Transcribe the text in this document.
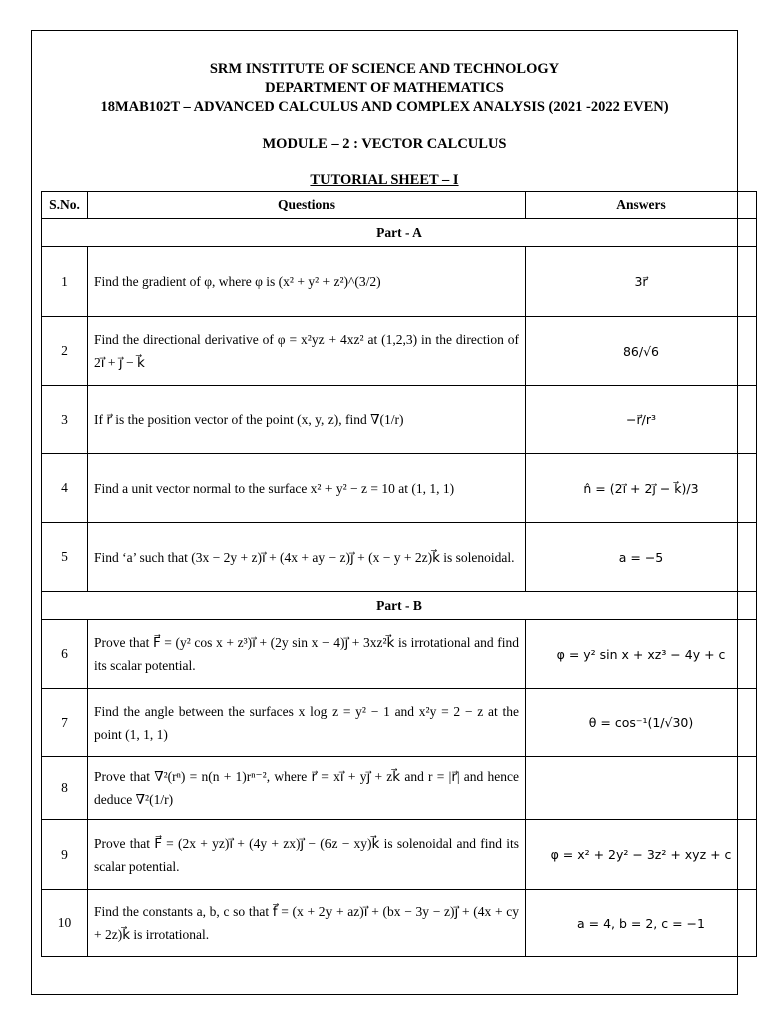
SRM INSTITUTE OF SCIENCE AND TECHNOLOGY
DEPARTMENT OF MATHEMATICS
18MAB102T – ADVANCED CALCULUS AND COMPLEX ANALYSIS (2021 -2022 EVEN)
MODULE – 2 : VECTOR CALCULUS
TUTORIAL SHEET – I
S.No.	Questions	Answers
Part - A		
1	Find the gradient of φ, where φ is (x² + y² + z²)^(3/2)	3r⃗
2	Find the directional derivative of φ = x²yz + 4xz² at (1,2,3) in the direction of 2i⃗ + j⃗ − k⃗	86/√6
3	If r⃗ is the position vector of the point (x, y, z), find ∇(1/r)	−r⃗/r³
4	Find a unit vector normal to the surface x² + y² − z = 10 at (1, 1, 1)	n̂ = (2i⃗ + 2j⃗ − k⃗)/3
5	Find ‘a’ such that (3x − 2y + z)i⃗ + (4x + ay − z)j⃗ + (x − y + 2z)k⃗ is solenoidal.	a = −5
Part - B		
6	Prove that F⃗ = (y² cos x + z³)i⃗ + (2y sin x − 4)j⃗ + 3xz²k⃗ is irrotational and find its scalar potential.	φ = y² sin x + xz³ − 4y + c
7	Find the angle between the surfaces x log z = y² − 1 and x²y = 2 − z at the point (1, 1, 1)	θ = cos⁻¹(1/√30)
8	Prove that ∇²(rⁿ) = n(n + 1)rⁿ⁻², where r⃗ = xi⃗ + yj⃗ + zk⃗ and r = |r⃗| and hence deduce ∇²(1/r)	
9	Prove that F⃗ = (2x + yz)i⃗ + (4y + zx)j⃗ − (6z − xy)k⃗ is solenoidal and find its scalar potential.	φ = x² + 2y² − 3z² + xyz + c
10	Find the constants a, b, c so that f⃗ = (x + 2y + az)i⃗ + (bx − 3y − z)j⃗ + (4x + cy + 2z)k⃗ is irrotational.	a = 4, b = 2, c = −1
